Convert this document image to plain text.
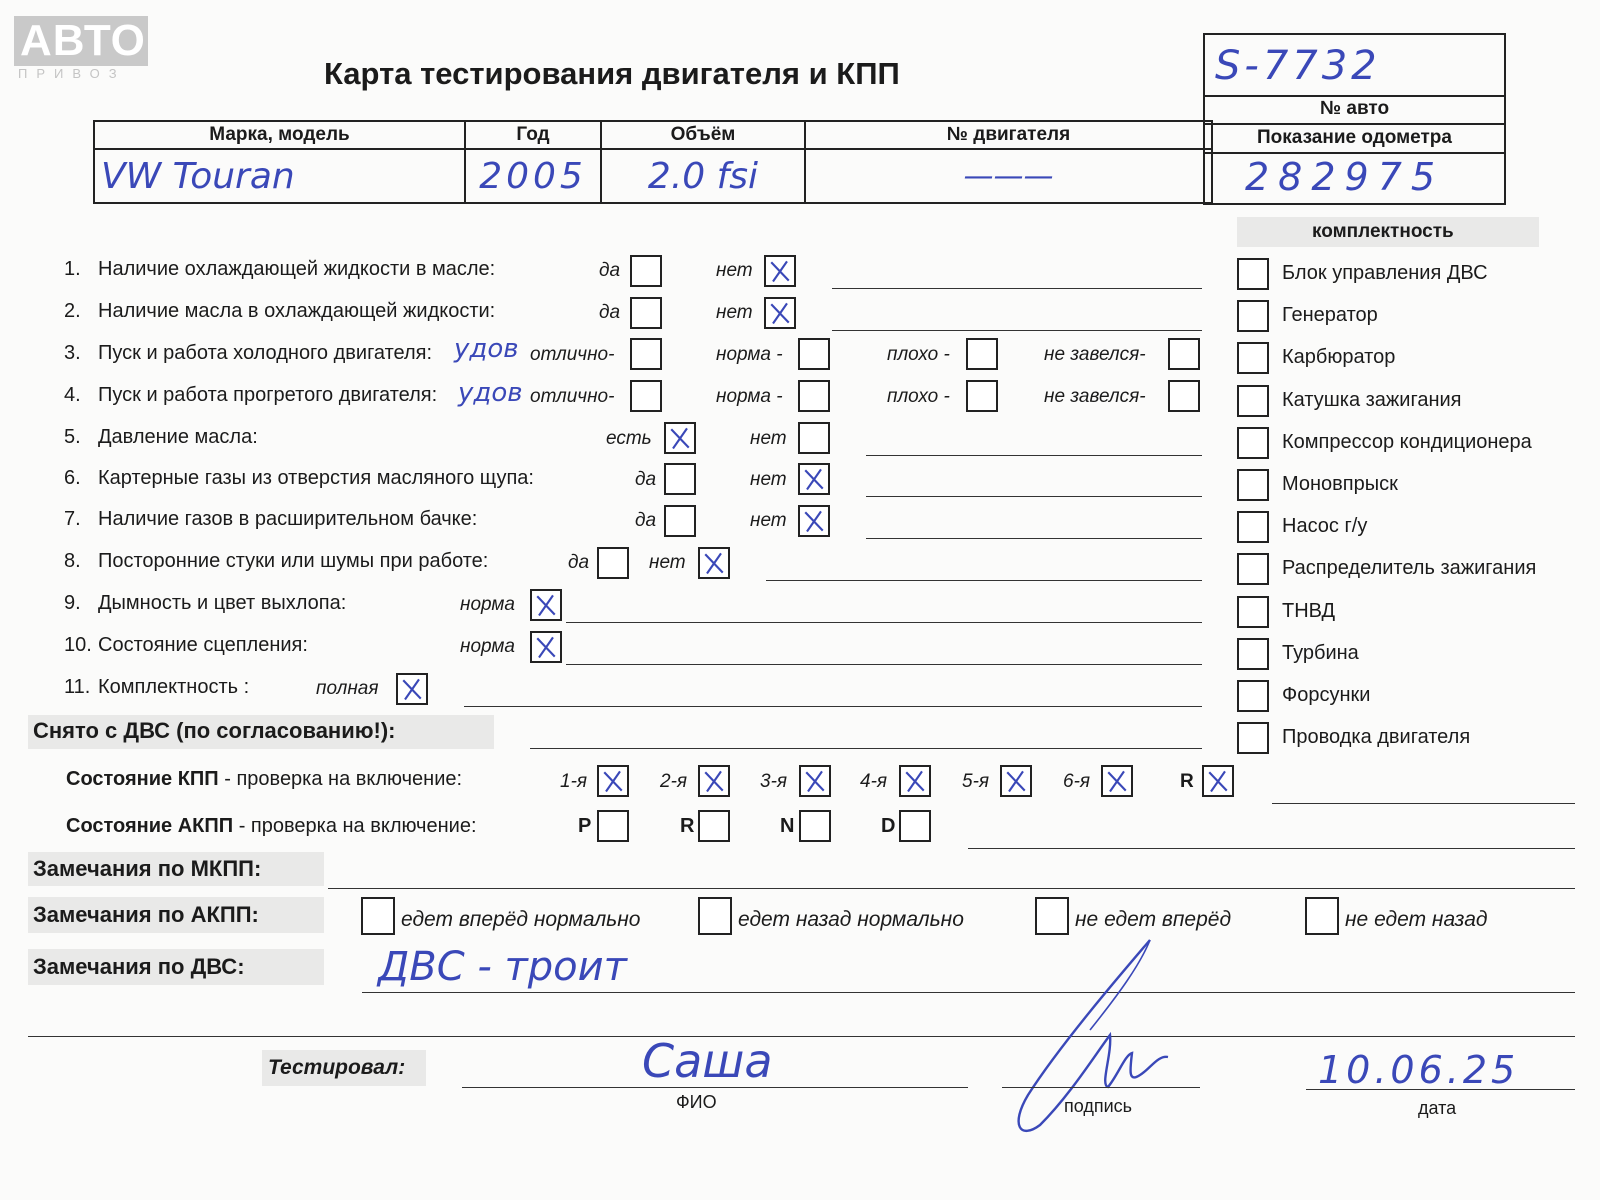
АВТО
ПРИВОЗ	Карта тестирования двигателя и КПП	S-7732
№ авто
Показание одометра
282975
Марка, модель	Год	Объём	№ двигателя
VW Touran	2005	2.0 fsi	———
комплектность
Блок управления ДВС
Генератор
Карбюратор
Катушка зажигания
Компрессор кондиционера
Моновпрыск
Насос г/у
Распределитель зажигания
ТНВД
Турбина
Форсунки
Проводка двигателя
1. Наличие охлаждающей жидкости в масле:	да	нет
2. Наличие масла в охлаждающей жидкости:	да	нет
3. Пуск и работа холодного двигателя: удов отлично-	норма -	плохо -	не завелся-
4. Пуск и работа прогретого двигателя: удов отлично-	норма -	плохо -	не завелся-
5. Давление масла:	есть	нет
6. Картерные газы из отверстия масляного щупа:	да	нет
7. Наличие газов в расширительном бачке:	да	нет
8. Посторонние стуки или шумы при работе:	да	нет
9. Дымность и цвет выхлопа:	норма
10. Состояние сцепления:	норма
11. Комплектность :	полная
Снято с ДВС (по согласованию!):
Состояние КПП - проверка на включение:	1-я	2-я	3-я	4-я	5-я	6-я	R
Состояние АКПП - проверка на включение:	P	R	N	D
Замечания по МКПП:
Замечания по АКПП:	едет вперёд нормально	едет назад нормально	не едет вперёд	не едет назад
Замечания по ДВС:	ДВС - троит
Тестировал:	Саша
ФИО	подпись
10.06.25
дата
